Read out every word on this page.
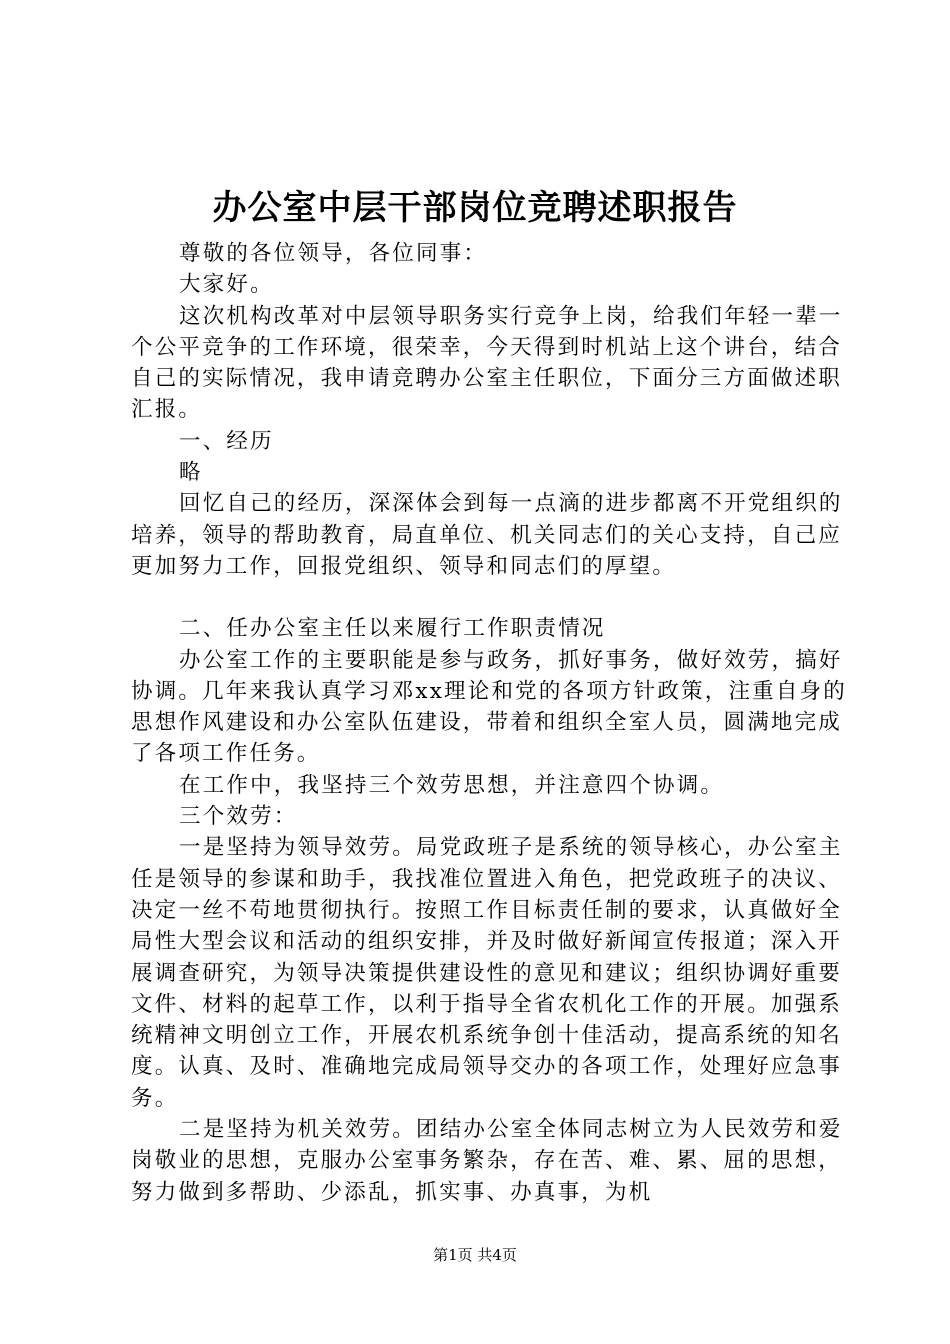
办公室中层干部岗位竞聘述职报告

尊敬的各位领导，各位同事：

大家好。

这次机构改革对中层领导职务实行竞争上岗，给我们年轻一辈一个公平竞争的工作环境，很荣幸，今天得到时机站上这个讲台，结合自己的实际情况，我申请竞聘办公室主任职位，下面分三方面做述职汇报。

一、经历

略

回忆自己的经历，深深体会到每一点滴的进步都离不开党组织的培养，领导的帮助教育，局直单位、机关同志们的关心支持，自己应更加努力工作，回报党组织、领导和同志们的厚望。

二、任办公室主任以来履行工作职责情况

办公室工作的主要职能是参与政务，抓好事务，做好效劳，搞好协调。几年来我认真学习邓xx理论和党的各项方针政策，注重自身的思想作风建设和办公室队伍建设，带着和组织全室人员，圆满地完成了各项工作任务。

在工作中，我坚持三个效劳思想，并注意四个协调。

三个效劳：

一是坚持为领导效劳。局党政班子是系统的领导核心，办公室主任是领导的参谋和助手，我找准位置进入角色，把党政班子的决议、决定一丝不苟地贯彻执行。按照工作目标责任制的要求，认真做好全局性大型会议和活动的组织安排，并及时做好新闻宣传报道；深入开展调查研究，为领导决策提供建设性的意见和建议；组织协调好重要文件、材料的起草工作，以利于指导全省农机化工作的开展。加强系统精神文明创立工作，开展农机系统争创十佳活动，提高系统的知名度。认真、及时、准确地完成局领导交办的各项工作，处理好应急事务。

二是坚持为机关效劳。团结办公室全体同志树立为人民效劳和爱岗敬业的思想，克服办公室事务繁杂，存在苦、难、累、屈的思想，努力做到多帮助、少添乱，抓实事、办真事，为机

第1页 共4页
